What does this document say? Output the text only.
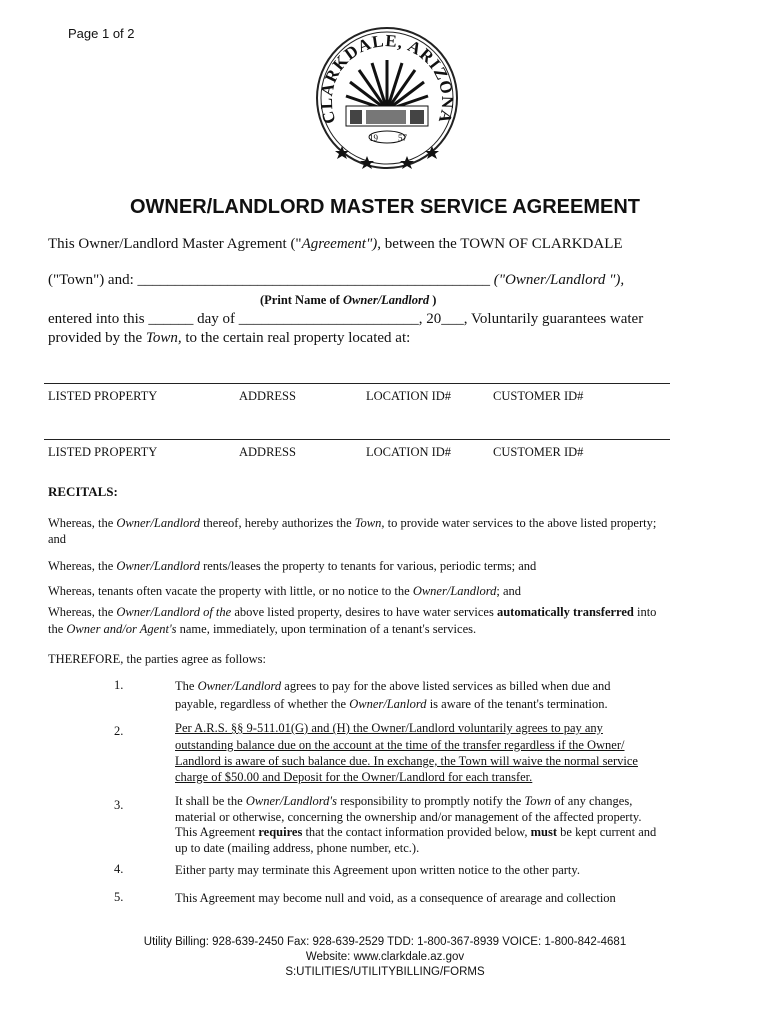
Page 1 of 2
CLARKDALE, ARIZONA
19 57
OWNER/LANDLORD MASTER SERVICE AGREEMENT
This Owner/Landlord Master Agrement ("Agreement"), between the TOWN OF CLARKDALE
("Town") and: _______________________________________________ ("Owner/Landlord "),
(Print Name of Owner/Landlord )
entered into this ______ day of ________________________, 20___, Voluntarily guarantees water
provided by the Town, to the certain real property located at:
LISTED PROPERTY	ADDRESS	LOCATION ID#	CUSTOMER ID#
LISTED PROPERTY	ADDRESS	LOCATION ID#	CUSTOMER ID#
RECITALS:
Whereas, the Owner/Landlord thereof, hereby authorizes the Town, to provide water services to the above listed property;
and
Whereas, the Owner/Landlord rents/leases the property to tenants for various, periodic terms; and
Whereas, tenants often vacate the property with little, or no notice to the Owner/Landlord; and
Whereas, the Owner/Landlord of the above listed property, desires to have water services automatically transferred into
the Owner and/or Agent's name, immediately, upon termination of a tenant's services.
THEREFORE, the parties agree as follows:
1.	The Owner/Landlord agrees to pay for the above listed services as billed when due and
payable, regardless of whether the Owner/Lanlord is aware of the tenant's termination.
2.	Per A.R.S. §§ 9-511.01(G) and (H) the Owner/Landlord voluntarily agrees to pay any
outstanding balance due on the account at the time of the transfer regardless if the Owner/
Landlord is aware of such balance due. In exchange, the Town will waive the normal service
charge of $50.00 and Deposit for the Owner/Landlord for each transfer.
3.	It shall be the Owner/Landlord's responsibility to promptly notify the Town of any changes,
material or otherwise, concerning the ownership and/or management of the affected property.
This Agreement requires that the contact information provided below, must be kept current and
up to date (mailing address, phone number, etc.).
4.	Either party may terminate this Agreement upon written notice to the other party.
5.	This Agreement may become null and void, as a consequence of arearage and collection
Utility Billing: 928-639-2450 Fax: 928-639-2529 TDD: 1-800-367-8939 VOICE: 1-800-842-4681
Website: www.clarkdale.az.gov
S:UTILITIES/UTILITYBILLING/FORMS
